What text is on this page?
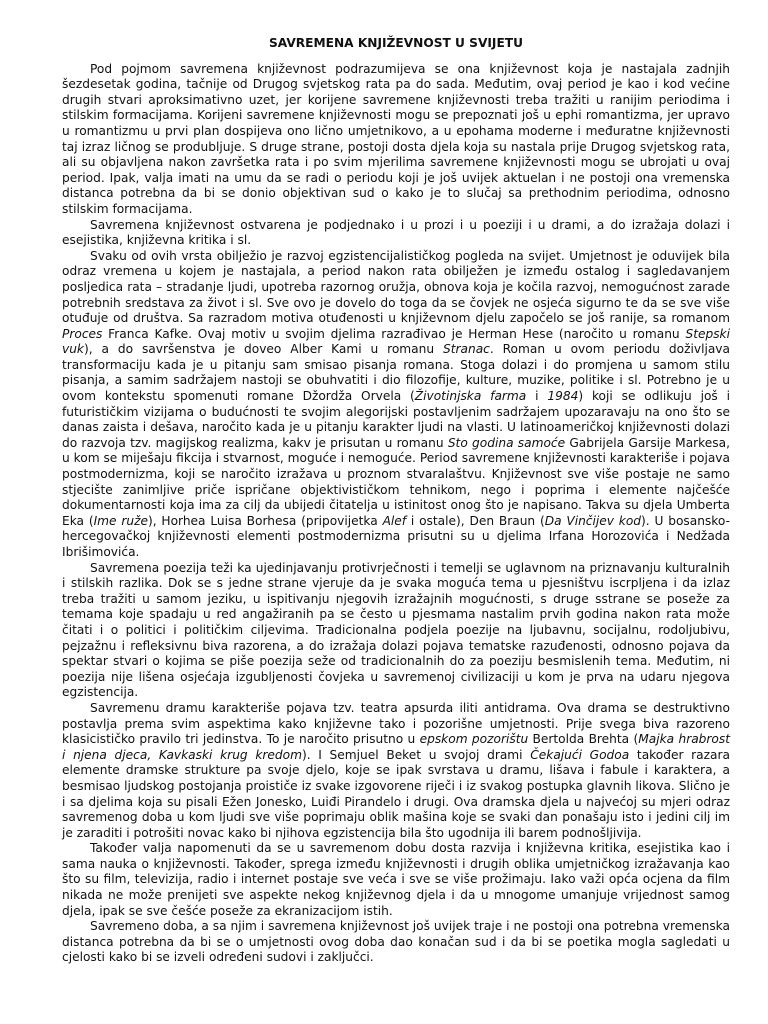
SAVREMENA KNJIŽEVNOST U SVIJETU

Pod pojmom savremena književnost podrazumijeva se ona književnost koja je nastajala zadnjih šezdesetak godina, tačnije od Drugog svjetskog rata pa do sada. Međutim, ovaj period je kao i kod većine drugih stvari aproksimativno uzet, jer korijene savremene književnosti treba tražiti u ranijim periodima i stilskim formacijama. Korijeni savremene književnosti mogu se prepoznati još u ephi romantizma, jer upravo u romantizmu u prvi plan dospijeva ono lično umjetnikovo, a u epohama moderne i međuratne književnosti taj izraz ličnog se produbljuje. S druge strane, postoji dosta djela koja su nastala prije Drugog svjetskog rata, ali su objavljena nakon završetka rata i po svim mjerilima savremene književnosti mogu se ubrojati u ovaj period. Ipak, valja imati na umu da se radi o periodu koji je još uvijek aktuelan i ne postoji ona vremenska distanca potrebna da bi se donio objektivan sud o kako je to slučaj sa prethodnim periodima, odnosno stilskim formacijama.

Savremena književnost ostvarena je podjednako i u prozi i u poeziji i u drami, a do izražaja dolazi i esejistika, književna kritika i sl.

Svaku od ovih vrsta obilježio je razvoj egzistencijalističkog pogleda na svijet. Umjetnost je oduvijek bila odraz vremena u kojem je nastajala, a period nakon rata obilježen je između ostalog i sagledavanjem posljedica rata – stradanje ljudi, upotreba razornog oružja, obnova koja je kočila razvoj, nemogućnost zarade potrebnih sredstava za život i sl. Sve ovo je dovelo do toga da se čovjek ne osjeća sigurno te da se sve više otuđuje od društva. Sa razradom motiva otuđenosti u književnom djelu započelo se još ranije, sa romanom Proces Franca Kafke. Ovaj motiv u svojim djelima razrađivao je Herman Hese (naročito u romanu Stepski vuk), a do savršenstva je doveo Alber Kami u romanu Stranac. Roman u ovom periodu doživljava transformaciju kada je u pitanju sam smisao pisanja romana. Stoga dolazi i do promjena u samom stilu pisanja, a samim sadržajem nastoji se obuhvatiti i dio filozofije, kulture, muzike, politike i sl. Potrebno je u ovom kontekstu spomenuti romane Džordža Orvela (Životinjska farma i 1984) koji se odlikuju još i futurističkim vizijama o budućnosti te svojim alegorijski postavljenim sadržajem upozaravaju na ono što se danas zaista i dešava, naročito kada je u pitanju karakter ljudi na vlasti. U latinoameričkoj književnosti dolazi do razvoja tzv. magijskog realizma, kakv je prisutan u romanu Sto godina samoće Gabrijela Garsije Markesa, u kom se miješaju fikcija i stvarnost, moguće i nemoguće. Period savremene književnosti karakteriše i pojava postmodernizma, koji se naročito izražava u proznom stvaralaštvu. Književnost sve više postaje ne samo stjecište zanimljive priče ispričane objektivističkom tehnikom, nego i poprima i elemente najčešće dokumentarnosti koja ima za cilj da ubijedi čitatelja u istinitost onog što je napisano. Takva su djela Umberta Eka (Ime ruže), Horhea Luisa Borhesa (pripovijetka Alef i ostale), Den Braun (Da Vinčijev kod). U bosansko-hercegovačkoj književnosti elementi postmodernizma prisutni su u djelima Irfana Horozovića i Nedžada Ibrišimovića.

Savremena poezija teži ka ujedinjavanju protivrječnosti i temelji se uglavnom na priznavanju kulturalnih i stilskih razlika. Dok se s jedne strane vjeruje da je svaka moguća tema u pjesništvu iscrpljena i da izlaz treba tražiti u samom jeziku, u ispitivanju njegovih izražajnih mogućnosti, s druge sstrane se poseže za temama koje spadaju u red angažiranih pa se često u pjesmama nastalim prvih godina nakon rata može čitati i o politici i političkim ciljevima. Tradicionalna podjela poezije na ljubavnu, socijalnu, rodoljubivu, pejzažnu i refleksivnu biva razorena, a do izražaja dolazi pojava tematske razuđenosti, odnosno pojava da spektar stvari o kojima se piše poezija seže od tradicionalnih do za poeziju besmislenih tema. Međutim, ni poezija nije lišena osjećaja izgubljenosti čovjeka u savremenoj civilizaciji u kom je prva na udaru njegova egzistencija.

Savremenu dramu karakteriše pojava tzv. teatra apsurda iliti antidrama. Ova drama se destruktivno postavlja prema svim aspektima kako književne tako i pozorišne umjetnosti. Prije svega biva razoreno klasicističko pravilo tri jedinstva. To je naročito prisutno u epskom pozorištu Bertolda Brehta (Majka hrabrost i njena djeca, Kavkaski krug kredom). I Semjuel Beket u svojoj drami Čekajući Godoa također razara elemente dramske strukture pa svoje djelo, koje se ipak svrstava u dramu, lišava i fabule i karaktera, a besmisao ljudskog postojanja proističe iz svake izgovorene riječi i iz svakog postupka glavnih likova. Slično je i sa djelima koja su pisali Ežen Jonesko, Luiđi Pirandelo i drugi. Ova dramska djela u najvećoj su mjeri odraz savremenog doba u kom ljudi sve više poprimaju oblik mašina koje se svaki dan ponašaju isto i jedini cilj im je zaraditi i potrošiti novac kako bi njihova egzistencija bila što ugodnija ili barem podnošljivija.

Također valja napomenuti da se u savremenom dobu dosta razvija i književna kritika, esejistika kao i sama nauka o književnosti. Također, sprega između književnosti i drugih oblika umjetničkog izražavanja kao što su film, televizija, radio i internet postaje sve veća i sve se više prožimaju. Iako važi opća ocjena da film nikada ne može prenijeti sve aspekte nekog književnog djela i da u mnogome umanjuje vrijednost samog djela, ipak se sve češće poseže za ekranizacijom istih.

Savremeno doba, a sa njim i savremena književnost još uvijek traje i ne postoji ona potrebna vremenska distanca potrebna da bi se o umjetnosti ovog doba dao konačan sud i da bi se poetika mogla sagledati u cjelosti kako bi se izveli određeni sudovi i zaključci.
